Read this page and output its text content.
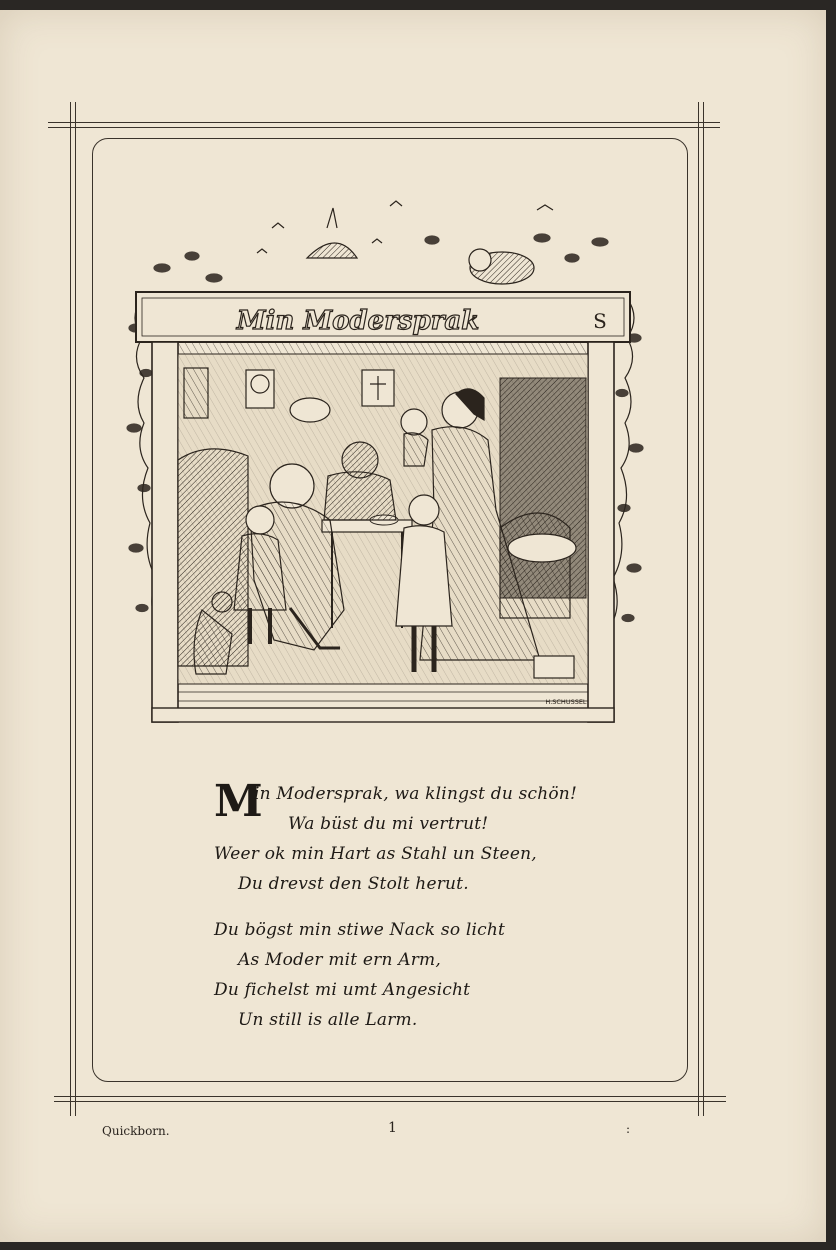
Min Modersprak	S
H.SCHUSSEL
M
in Modersprak, wa klingst du schön!
Wa büst du mi vertrut!
Weer ok min Hart as Stahl un Steen,
Du drevst den Stolt herut.
Du bögst min stiwe Nack so licht
As Moder mit ern Arm,
Du fichelst mi umt Angesicht
Un still is alle Larm.
Quickborn.	1	:
